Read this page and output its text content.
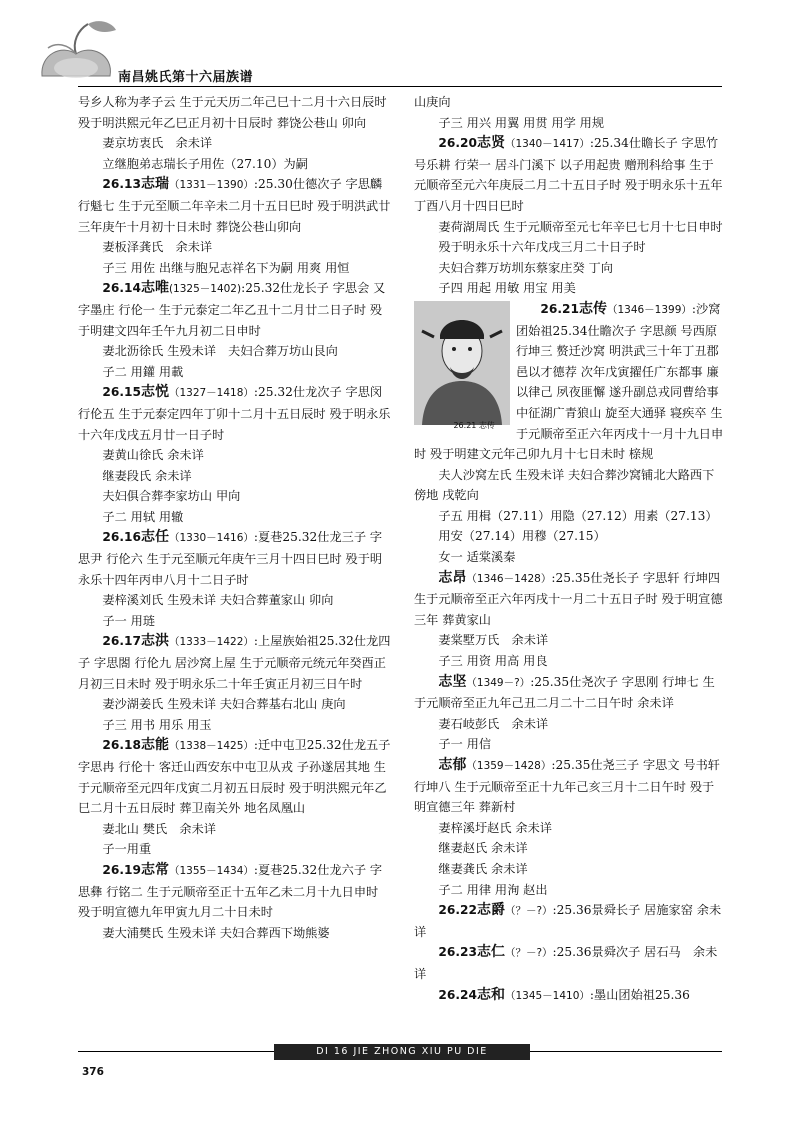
南昌姚氏第十六届族谱

号乡人称为孝子云 生于元天历二年己巳十二月十六日辰时 殁于明洪熙元年乙巳正月初十日辰时 葬饶公巷山 卯向

妻京坊衷氏　余未详

立继胞弟志瑞长子用佐（27.10）为嗣

26.13志瑞（1331－1390）:25.30仕德次子 字思麟 行魁七 生于元至顺二年辛未二月十五日巳时 殁于明洪武廿三年庚午十月初十日未时 葬饶公巷山卯向

妻板泽龚氏　余未详

子三 用佐 出继与胞兄志祥名下为嗣 用爽 用恒

26.14志唯(1325－1402):25.32仕龙长子 字思会 又字墨庄 行伦一 生于元泰定二年乙丑十二月廿二日子时 殁于明建文四年壬午九月初二日申时

妻北沥徐氏 生殁未详　夫妇合葬万坊山艮向

子二 用鑵 用載

26.15志悦（1327－1418）:25.32仕龙次子 字思闵 行伦五 生于元泰定四年丁卯十二月十五日辰时 殁于明永乐十六年戊戌五月廿一日子时

妻黄山徐氏 余未详

继妻段氏 余未详

夫妇俱合葬李家坊山 甲向

子二 用轼 用辙

26.16志任（1330－1416）:夏巷25.32仕龙三子 字思尹 行伦六 生于元至顺元年庚午三月十四日巳时 殁于明永乐十四年丙申八月十二日子时

妻梓溪刘氏 生殁未详 夫妇合葬董家山 卯向

子一 用琏

26.17志洪（1333－1422）:上屋族始祖25.32仕龙四子 字思閤 行伦九 居沙窝上屋 生于元顺帝元统元年癸酉正月初三日未时 殁于明永乐二十年壬寅正月初三日午时

妻沙湖姜氏 生殁未详 夫妇合葬基右北山 庚向

子三 用书 用乐 用玉

26.18志能（1338－1425）:迁中屯卫25.32仕龙五子 字思冉 行伦十 客迁山西安东中屯卫从戎 子孙遂居其地 生于元顺帝至元四年戊寅二月初五日辰时 殁于明洪熙元年乙巳二月十五日辰时 葬卫南关外 地名凤凰山

妻北山 樊氏　余未详

子一用重

26.19志常（1355－1434）:夏巷25.32仕龙六子 字思彝 行铭二 生于元顺帝至正十五年乙未二月十九日申时 殁于明宣德九年甲寅九月二十日未时

妻大浦樊氏 生殁未详 夫妇合葬西下坳熊婆

山庚向

子三 用兴 用翼 用贯 用学 用规

26.20志贤（1340－1417）:25.34仕瞻长子 字思竹 号乐耕 行荣一 居斗门溪下 以子用起贵 赠刑科给事 生于元顺帝至元六年庚辰二月二十五日子时 殁于明永乐十五年丁酉八月十四日巳时

妻荷湖周氏 生于元顺帝至元七年辛巳七月十七日申时 殁于明永乐十六年戊戌三月二十日子时

夫妇合葬万坊圳东蔡家庄癸 丁向

子四 用起 用敏 用宝 用美

26.21 志传
26.21志传（1346－1399）:沙窝团始祖25.34仕瞻次子 字思颜 号西原 行坤三 赘迁沙窝 明洪武三十年丁丑郡邑以才德荐 次年戊寅擢任广东都事 廉以律己 夙夜匪懈 遂升副总戎同曹给事中征湖广青狼山 旋至大通驿 寝疾卒 生于元顺帝至正六年丙戌十一月十九日申时 殁于明建文元年己卯九月十七日未时 榇规

夫人沙窝左氏 生殁未详 夫妇合葬沙窝铺北大路西下傍地 戌乾向

子五 用楫（27.11）用隐（27.12）用素（27.13）用安（27.14）用穆（27.15）

女一 适棠溪秦

志昂（1346－1428）:25.35仕尧长子 字思轩 行坤四 生于元顺帝至正六年丙戌十一月二十五日子时 殁于明宣德三年 葬黄家山

妻棠墅万氏　余未详

子三 用资 用高 用良

志坚（1349－?）:25.35仕尧次子 字思刚 行坤七 生于元顺帝至正九年己丑二月二十二日午时 余未详

妻石岐彭氏　余未详

子一 用信

志郁（1359－1428）:25.35仕尧三子 字思文 号书轩 行坤八 生于元顺帝至正十九年己亥三月十二日午时 殁于明宣德三年 葬新村

妻梓溪圩赵氏 余未详

继妻赵氏 余未详

继妻龚氏 余未详

子二 用律 用洵 赵出

26.22志爵（？－?）:25.36景舜长子 居施家窑 余未详

26.23志仁（？－?）:25.36景舜次子 居石马　余未详

26.24志和（1345－1410）:墨山团始祖25.36

DI 16 JIE ZHONG XIU PU DIE
376
